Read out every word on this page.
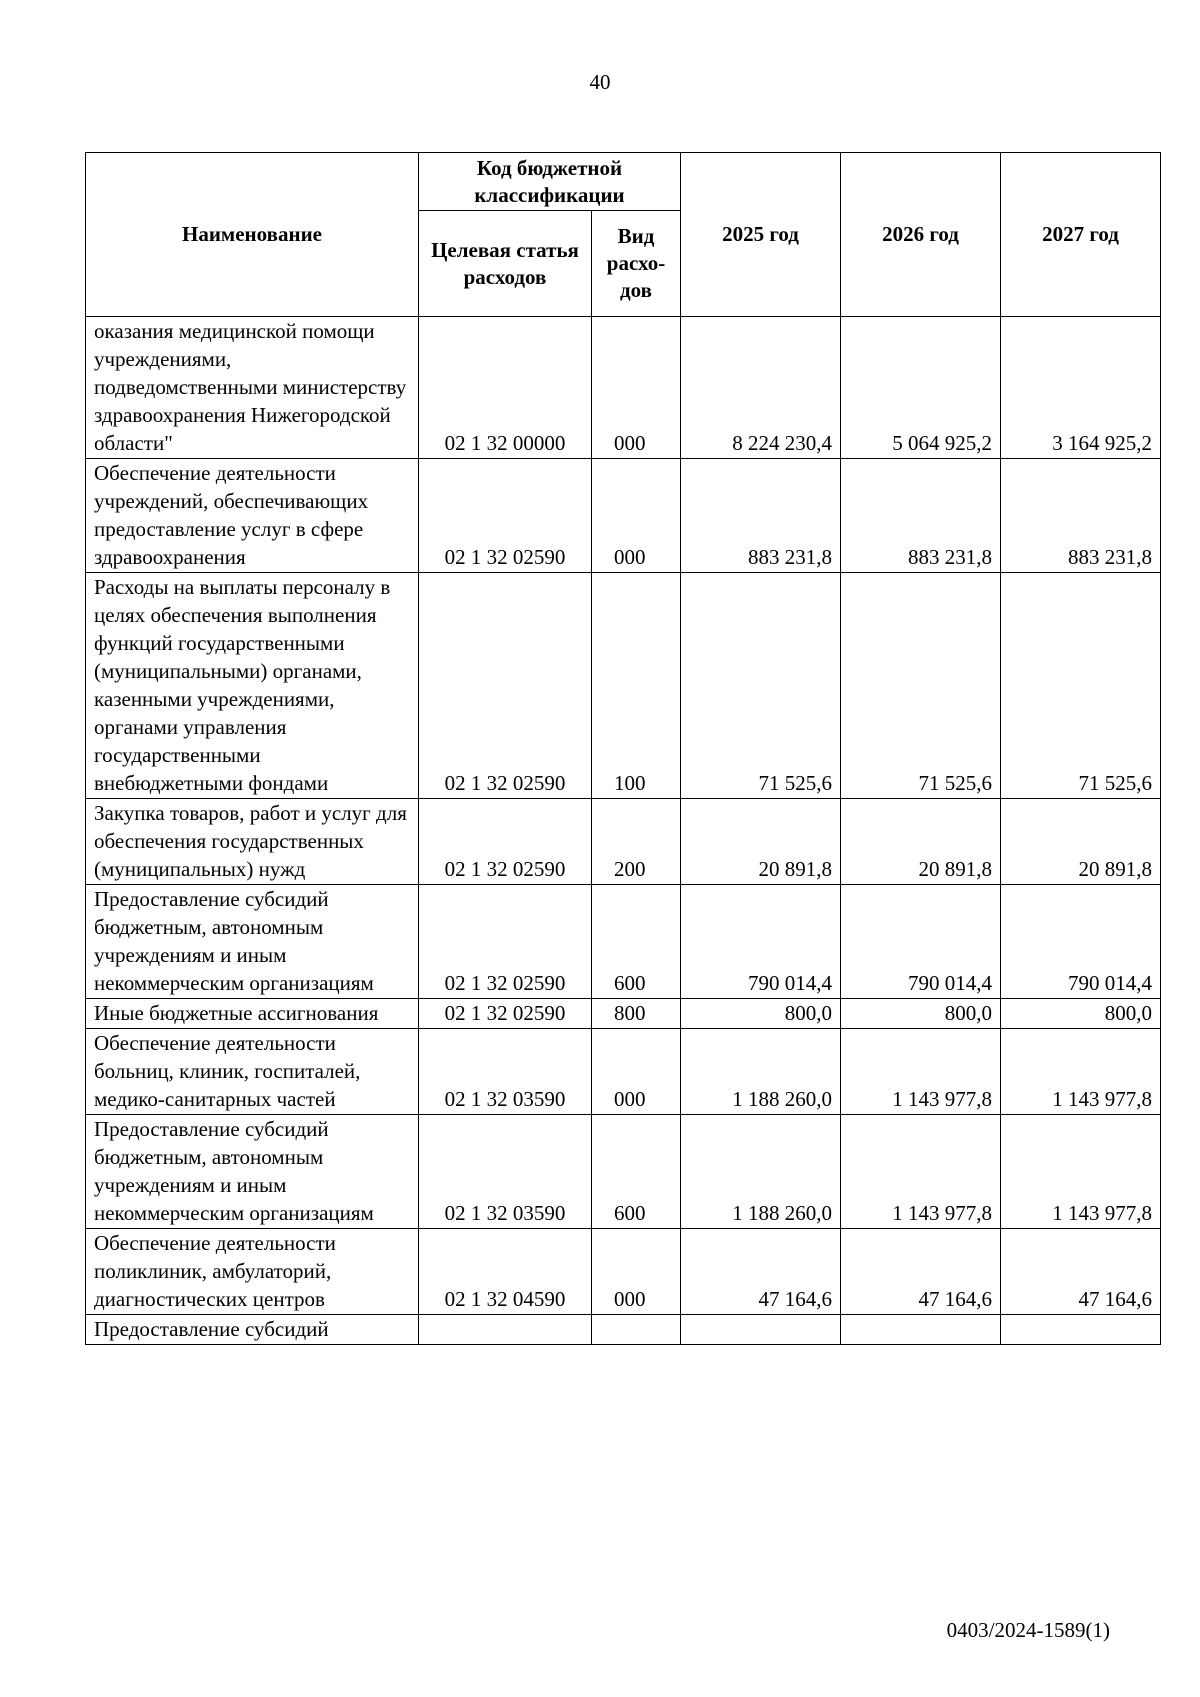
40
Наименование	Код бюджетной классификации		2025 год	2026 год	2027 год
	Целевая статья расходов	Вид расхо- дов			
оказания медицинской помощи учреждениями, подведомственными министерству здравоохранения Нижегородской области"	02 1 32 00000	000	8 224 230,4	5 064 925,2	3 164 925,2
Обеспечение деятельности учреждений, обеспечивающих предоставление услуг в сфере здравоохранения	02 1 32 02590	000	883 231,8	883 231,8	883 231,8
Расходы на выплаты персоналу в целях обеспечения выполнения функций государственными (муниципальными) органами, казенными учреждениями, органами управления государственными внебюджетными фондами	02 1 32 02590	100	71 525,6	71 525,6	71 525,6
Закупка товаров, работ и услуг для обеспечения государственных (муниципальных) нужд	02 1 32 02590	200	20 891,8	20 891,8	20 891,8
Предоставление субсидий бюджетным, автономным учреждениям и иным некоммерческим организациям	02 1 32 02590	600	790 014,4	790 014,4	790 014,4
Иные бюджетные ассигнования	02 1 32 02590	800	800,0	800,0	800,0
Обеспечение деятельности больниц, клиник, госпиталей, медико-санитарных частей	02 1 32 03590	000	1 188 260,0	1 143 977,8	1 143 977,8
Предоставление субсидий бюджетным, автономным учреждениям и иным некоммерческим организациям	02 1 32 03590	600	1 188 260,0	1 143 977,8	1 143 977,8
Обеспечение деятельности поликлиник, амбулаторий, диагностических центров	02 1 32 04590	000	47 164,6	47 164,6	47 164,6
Предоставление субсидий					
0403/2024-1589(1)
